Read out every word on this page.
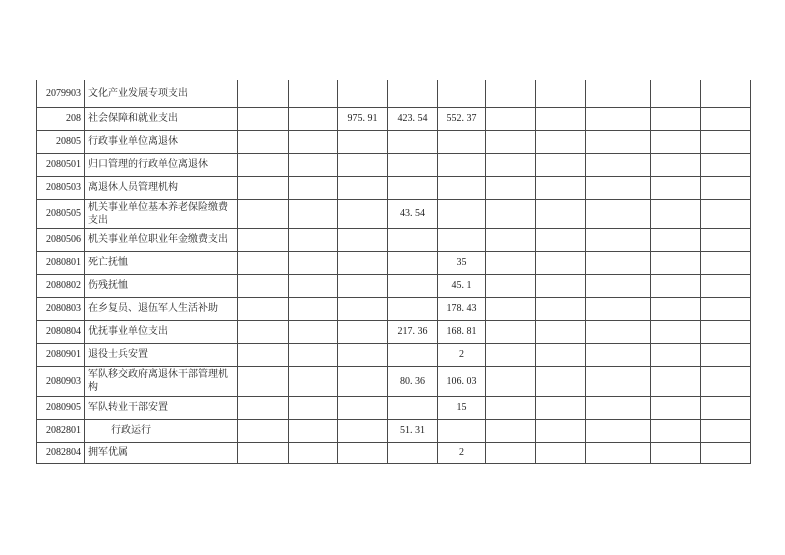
2079903	文化产业发展专项支出										
208	社会保障和就业支出			975. 91	423. 54	552. 37					
20805	行政事业单位离退休										
2080501	归口管理的行政单位离退休										
2080503	离退休人员管理机构										
2080505	机关事业单位基本养老保险缴费支出				43. 54						
2080506	机关事业单位职业年金缴费支出										
2080801	死亡抚恤					35					
2080802	伤残抚恤					45. 1					
2080803	在乡复员、退伍军人生活补助					178. 43					
2080804	优抚事业单位支出				217. 36	168. 81					
2080901	退役士兵安置					2					
2080903	军队移交政府离退休干部管理机构				80. 36	106. 03					
2080905	军队转业干部安置					15					
2082801	行政运行				51. 31						
2082804	拥军优属					2					
